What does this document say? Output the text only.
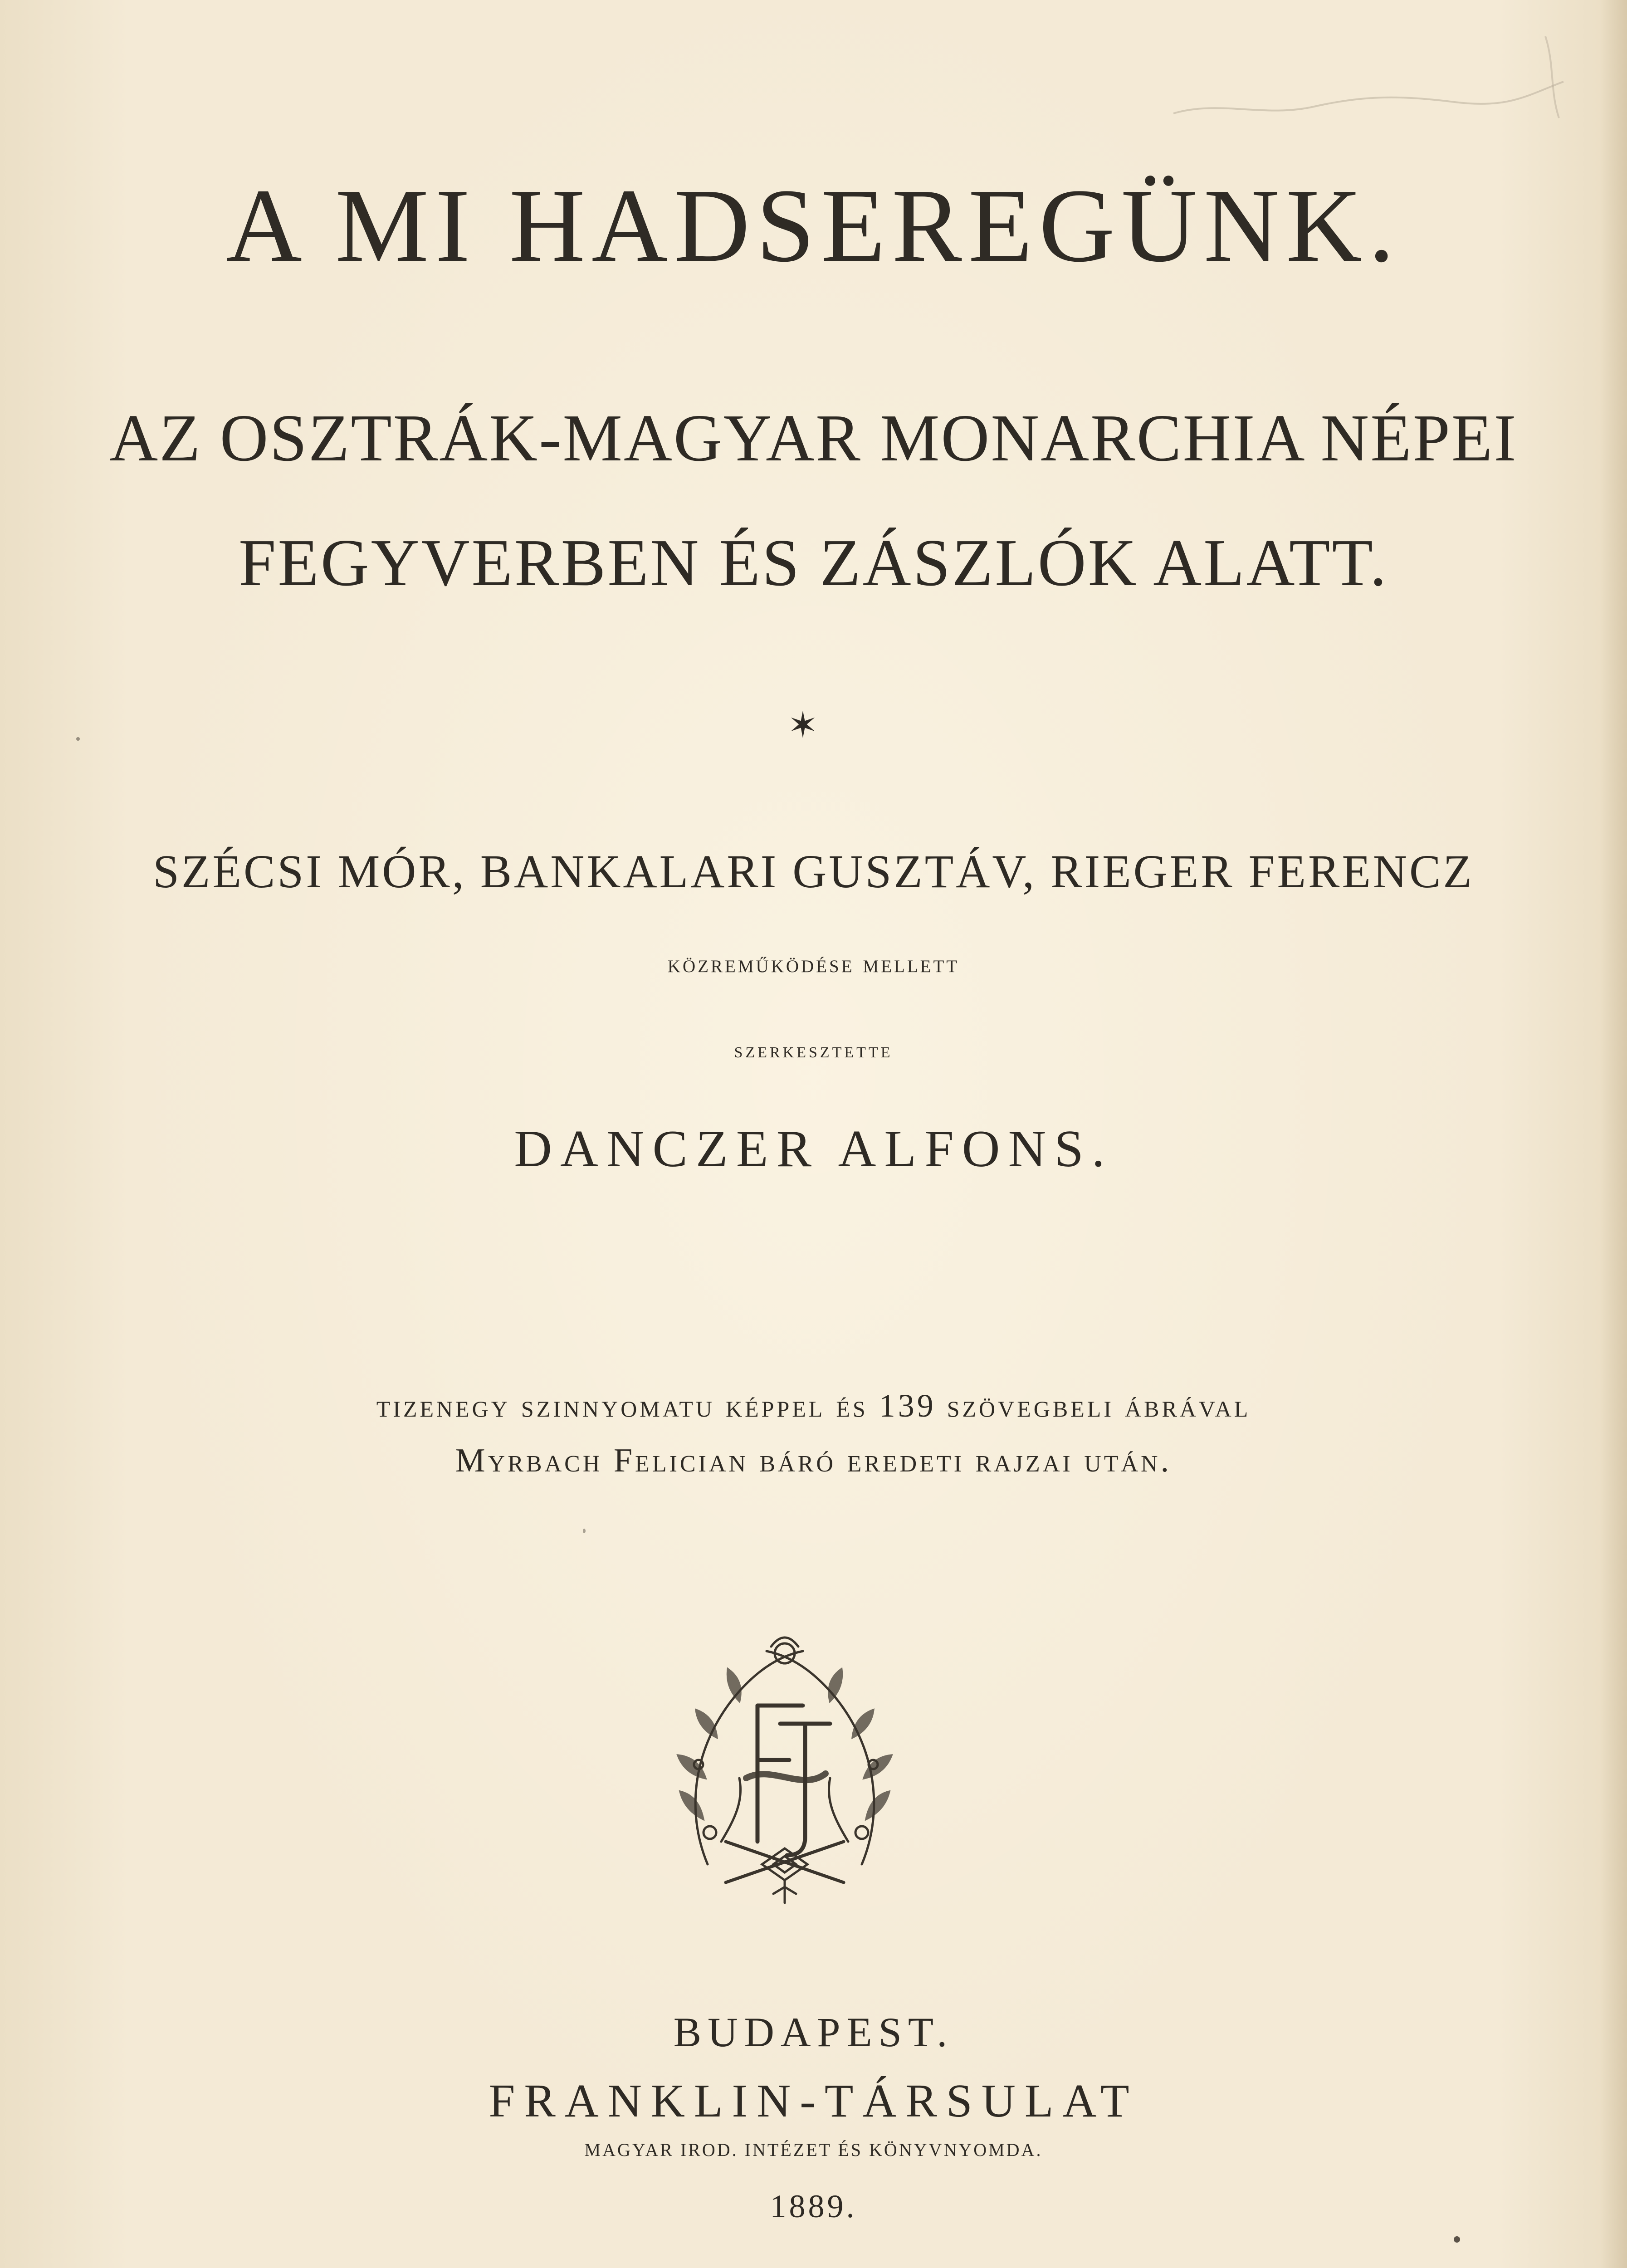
A MI HADSEREGÜNK.
AZ OSZTRÁK-MAGYAR MONARCHIA NÉPEI
FEGYVERBEN ÉS ZÁSZLÓK ALATT.
✶

SZÉCSI MÓR, BANKALARI GUSZTÁV, RIEGER FERENCZ

közreműködése mellett

szerkesztette

DANCZER ALFONS.

tizenegy szinnyomatu képpel és 139 szövegbeli ábrával

Myrbach Felician báró eredeti rajzai után.

BUDAPEST.

FRANKLIN-TÁRSULAT

MAGYAR IROD. INTÉZET ÉS KÖNYVNYOMDA.

1889.
